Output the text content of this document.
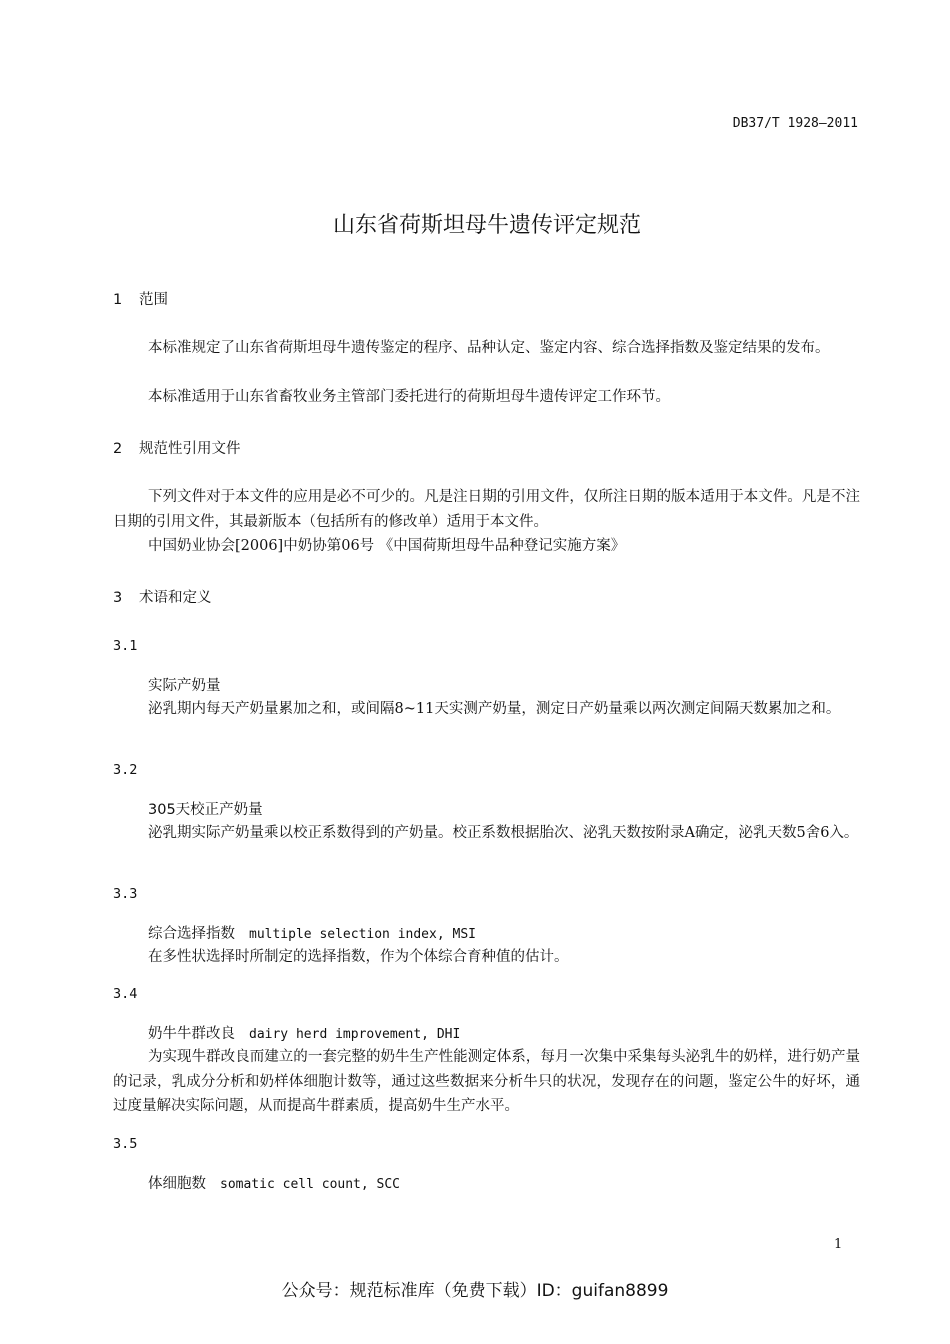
DB37/T 1928—2011
山东省荷斯坦母牛遗传评定规范
1 范围
本标准规定了山东省荷斯坦母牛遗传鉴定的程序、品种认定、鉴定内容、综合选择指数及鉴定结果的发布。
本标准适用于山东省畜牧业务主管部门委托进行的荷斯坦母牛遗传评定工作环节。
2 规范性引用文件
下列文件对于本文件的应用是必不可少的。凡是注日期的引用文件，仅所注日期的版本适用于本文件。凡是不注日期的引用文件，其最新版本（包括所有的修改单）适用于本文件。
中国奶业协会[2006]中奶协第06号 《中国荷斯坦母牛品种登记实施方案》
3 术语和定义
3.1
实际产奶量
泌乳期内每天产奶量累加之和，或间隔8~11天实测产奶量，测定日产奶量乘以两次测定间隔天数累加之和。
3.2
305天校正产奶量
泌乳期实际产奶量乘以校正系数得到的产奶量。校正系数根据胎次、泌乳天数按附录A确定，泌乳天数5舍6入。
3.3
综合选择指数 multiple selection index, MSI
在多性状选择时所制定的选择指数，作为个体综合育种值的估计。
3.4
奶牛牛群改良 dairy herd improvement, DHI
为实现牛群改良而建立的一套完整的奶牛生产性能测定体系，每月一次集中采集每头泌乳牛的奶样，进行奶产量的记录，乳成分分析和奶样体细胞计数等，通过这些数据来分析牛只的状况，发现存在的问题，鉴定公牛的好坏，通过度量解决实际问题，从而提高牛群素质，提高奶牛生产水平。
3.5
体细胞数 somatic cell count, SCC
1
公众号：规范标准库（免费下载）ID：guifan8899
